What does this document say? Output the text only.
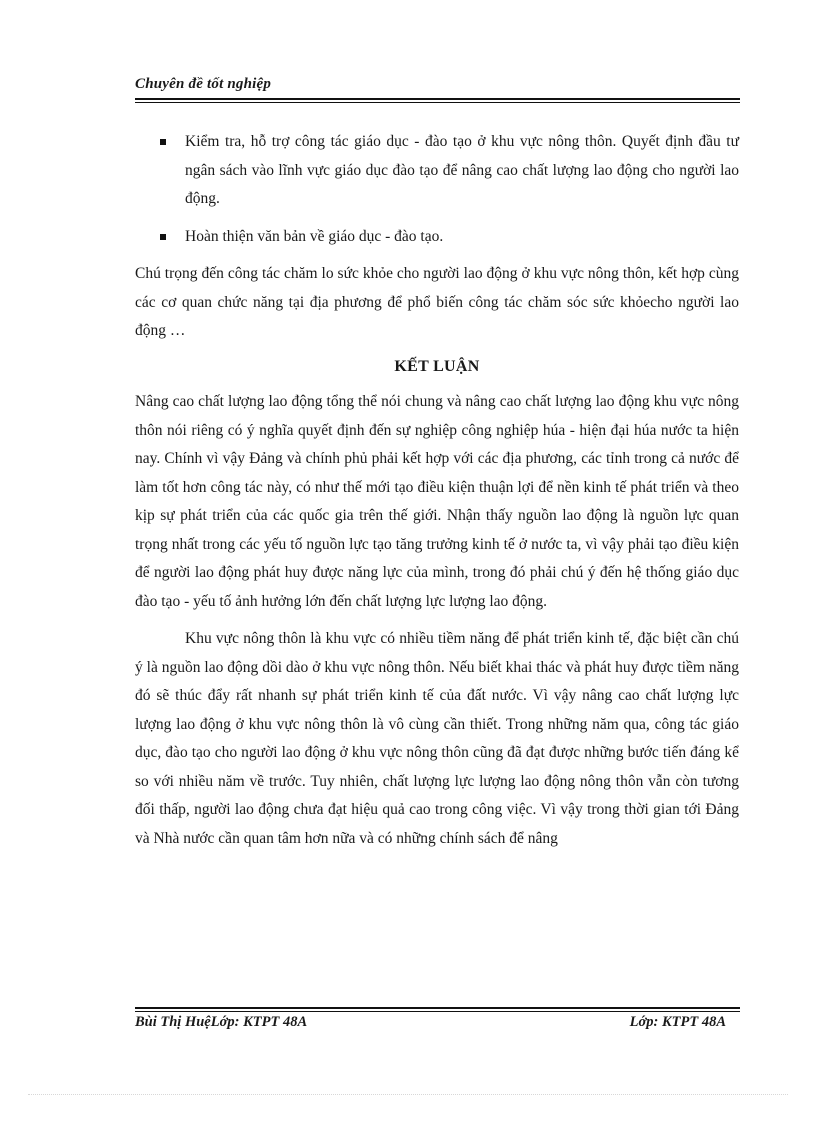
Chuyên đề tốt nghiệp
Kiểm tra, hỗ trợ công tác giáo dục - đào tạo ở khu vực nông thôn. Quyết định đầu tư ngân sách vào lĩnh vực giáo dục đào tạo để nâng cao chất lượng lao động cho người lao động.
Hoàn thiện văn bản về giáo dục - đào tạo.

Chú trọng đến công tác chăm lo sức khỏe cho người lao động ở khu vực nông thôn, kết hợp cùng các cơ quan chức năng tại địa phương để phổ biến công tác chăm sóc sức khỏecho người lao động …

KẾT LUẬN

Nâng cao chất lượng lao động tổng thể nói chung và nâng cao chất lượng lao động khu vực nông thôn nói riêng có ý nghĩa quyết định đến sự nghiệp công nghiệp húa - hiện đại húa nước ta hiện nay. Chính vì vậy Đảng và chính phủ phải kết hợp với các địa phương, các tỉnh trong cả nước để làm tốt hơn công tác này, có như thế mới tạo điều kiện thuận lợi để nền kinh tế phát triển và theo kịp sự phát triển của các quốc gia trên thế giới. Nhận thấy nguồn lao động là nguồn lực quan trọng nhất trong các yếu tố nguồn lực tạo tăng trưởng kinh tế ở nước ta, vì vậy phải tạo điều kiện để người lao động phát huy được năng lực của mình, trong đó phải chú ý đến hệ thống giáo dục đào tạo - yếu tố ảnh hưởng lớn đến chất lượng lực lượng lao động.

Khu vực nông thôn là khu vực có nhiều tiềm năng để phát triển kinh tế, đặc biệt cần chú ý là nguồn lao động dồi dào ở khu vực nông thôn. Nếu biết khai thác và phát huy được tiềm năng đó sẽ thúc đẩy rất nhanh sự phát triển kinh tế của đất nước. Vì vậy nâng cao chất lượng lực lượng lao động ở khu vực nông thôn là vô cùng cần thiết. Trong những năm qua, công tác giáo dục, đào tạo cho người lao động ở khu vực nông thôn cũng đã đạt được những bước tiến đáng kể so với nhiều năm về trước. Tuy nhiên, chất lượng lực lượng lao động nông thôn vẫn còn tương đối thấp, người lao động chưa đạt hiệu quả cao trong công việc. Vì vậy trong thời gian tới Đảng và Nhà nước cần quan tâm hơn nữa và có những chính sách để nâng

Bùi Thị HuệLớp: KTPT 48A	Lớp: KTPT 48A
